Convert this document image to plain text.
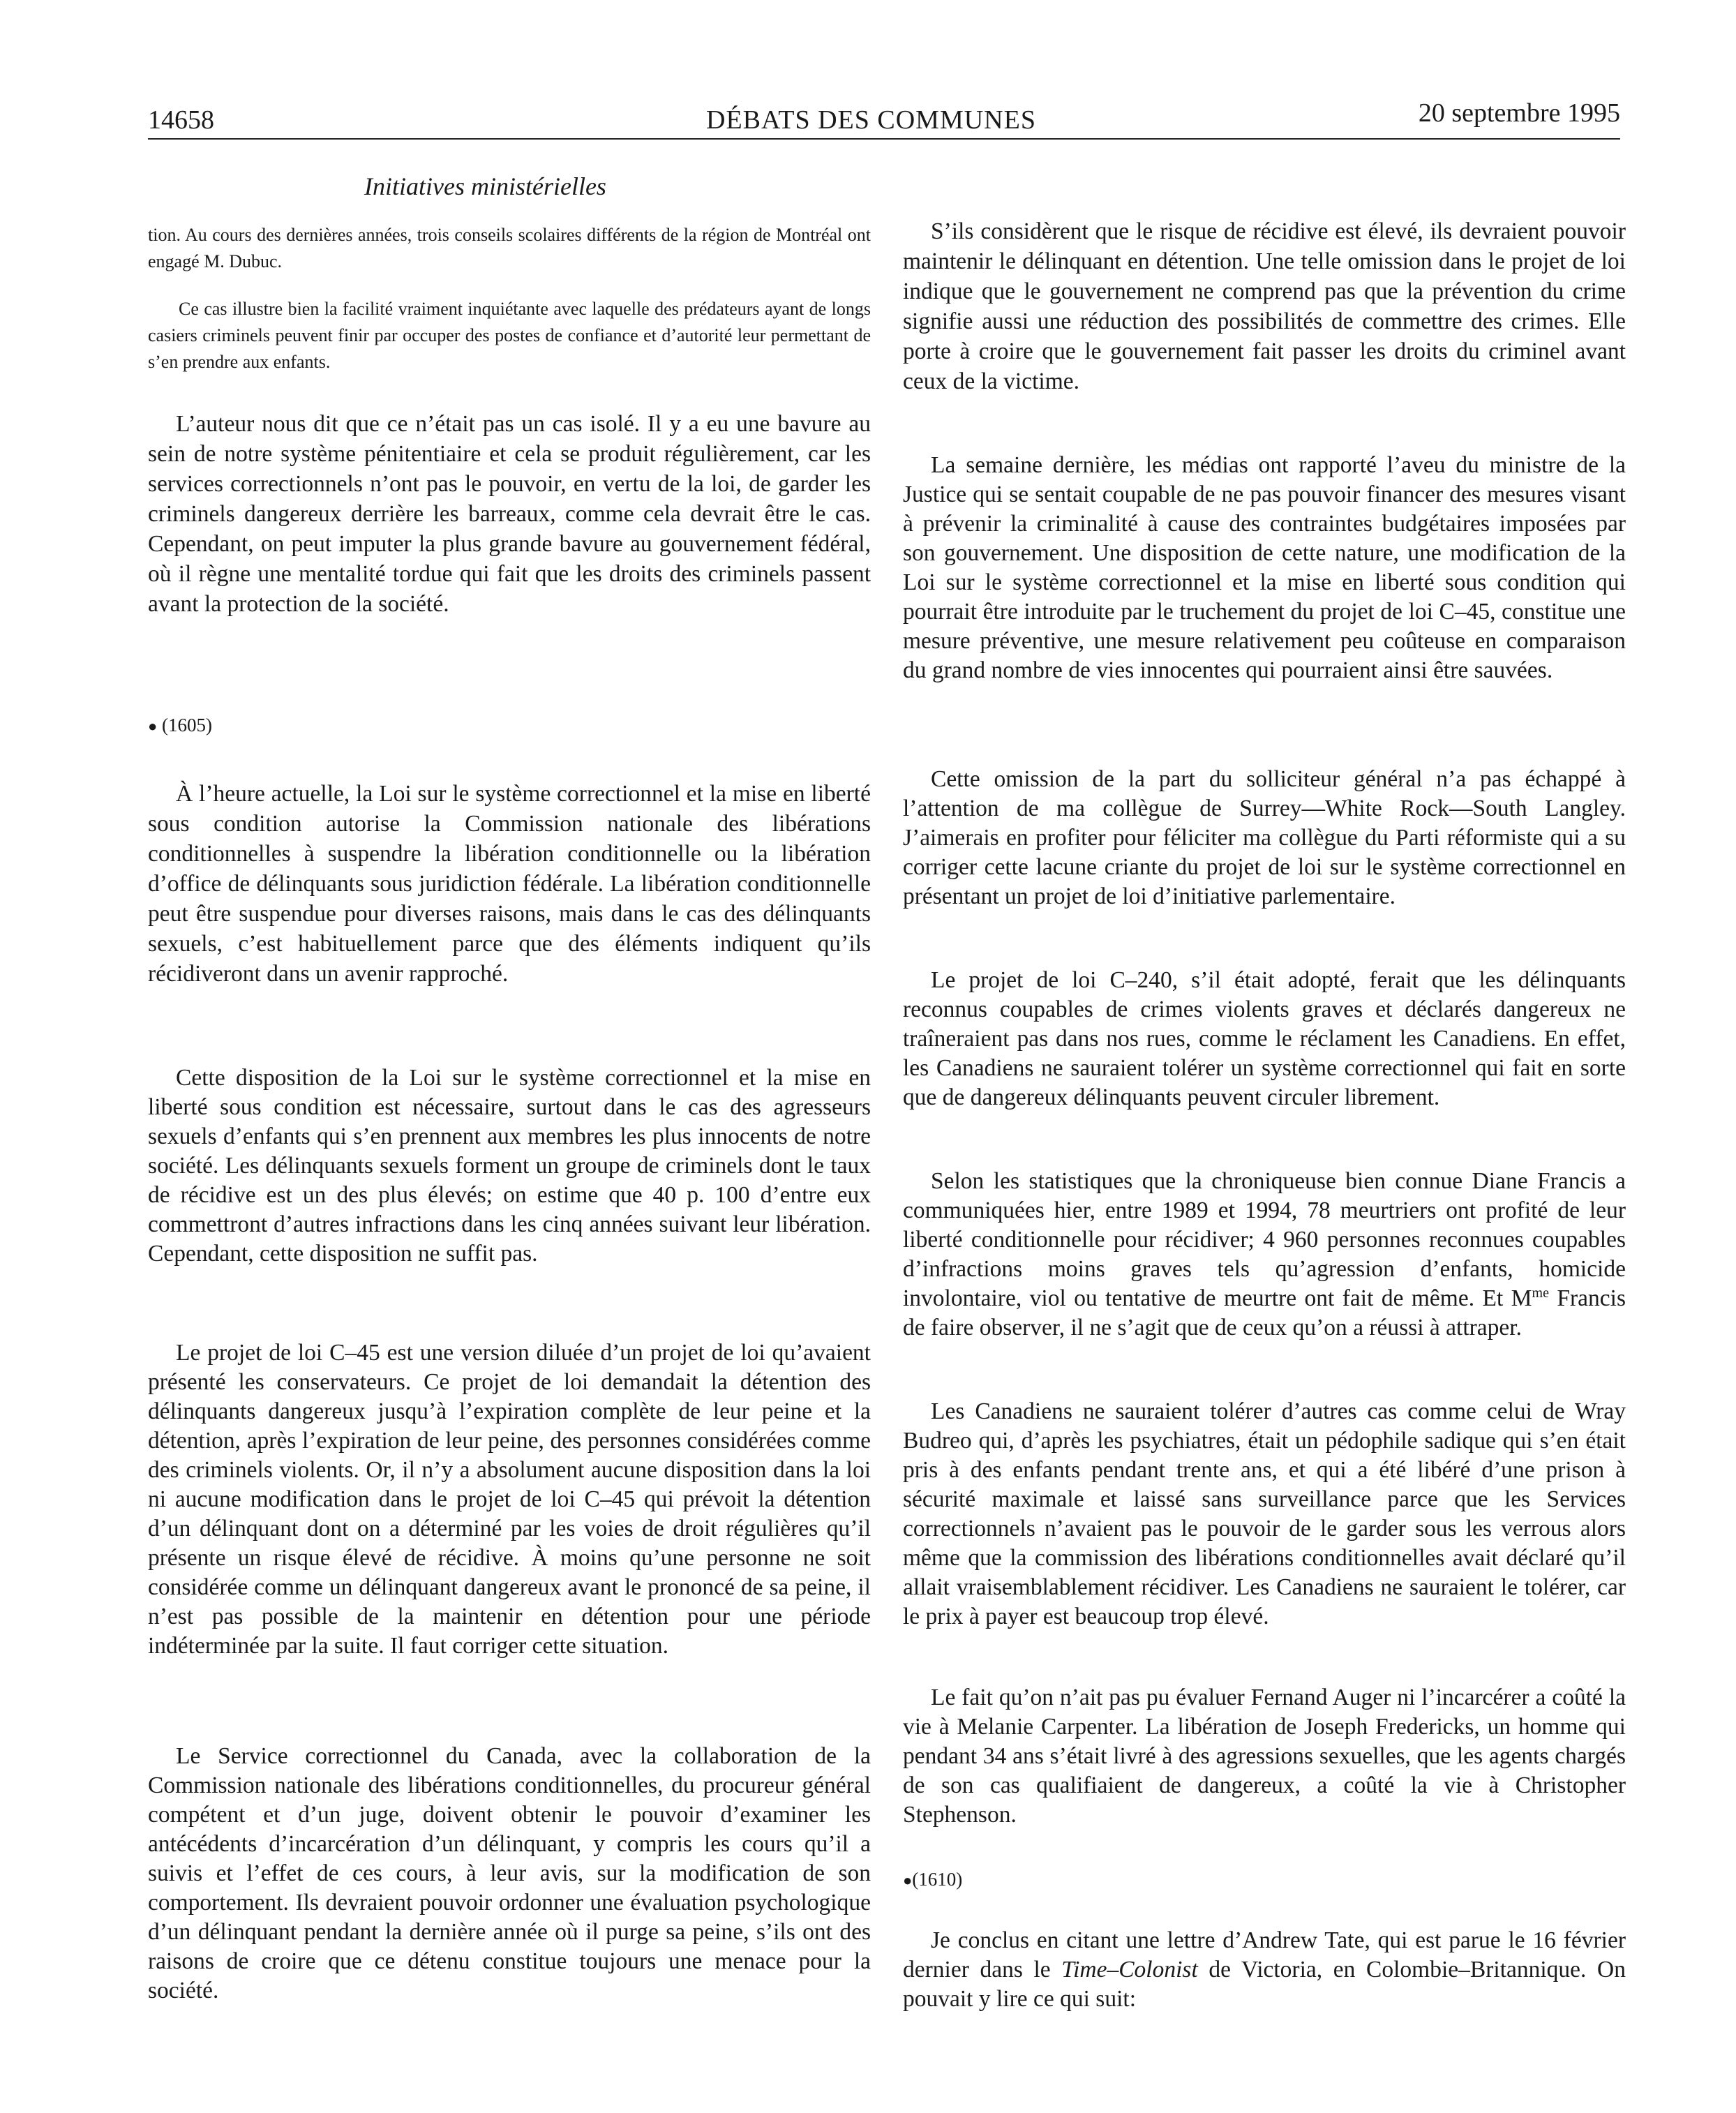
14658	DÉBATS DES COMMUNES	20 septembre 1995
Initiatives ministérielles

tion. Au cours des dernières années, trois conseils scolaires différents de la région de Montréal ont engagé M. Dubuc.

Ce cas illustre bien la facilité vraiment inquiétante avec laquelle des prédateurs ayant de longs casiers criminels peuvent finir par occuper des postes de confiance et d’autorité leur permettant de s’en prendre aux enfants.

L’auteur nous dit que ce n’était pas un cas isolé. Il y a eu une bavure au sein de notre système pénitentiaire et cela se produit régulièrement, car les services correctionnels n’ont pas le pouvoir, en vertu de la loi, de garder les criminels dangereux derrière les barreaux, comme cela devrait être le cas. Cependant, on peut imputer la plus grande bavure au gouvernement fédéral, où il règne une mentalité tordue qui fait que les droits des criminels passent avant la protection de la société.

● (1605)

À l’heure actuelle, la Loi sur le système correctionnel et la mise en liberté sous condition autorise la Commission nationale des libérations conditionnelles à suspendre la libération conditionnelle ou la libération d’office de délinquants sous juridiction fédérale. La libération conditionnelle peut être suspendue pour diverses raisons, mais dans le cas des délinquants sexuels, c’est habituellement parce que des éléments indiquent qu’ils récidiveront dans un avenir rapproché.

Cette disposition de la Loi sur le système correctionnel et la mise en liberté sous condition est nécessaire, surtout dans le cas des agresseurs sexuels d’enfants qui s’en prennent aux membres les plus innocents de notre société. Les délinquants sexuels forment un groupe de criminels dont le taux de récidive est un des plus élevés; on estime que 40 p. 100 d’entre eux commettront d’autres infractions dans les cinq années suivant leur libération. Cependant, cette disposition ne suffit pas.

Le projet de loi C–45 est une version diluée d’un projet de loi qu’avaient présenté les conservateurs. Ce projet de loi demandait la détention des délinquants dangereux jusqu’à l’expiration complète de leur peine et la détention, après l’expiration de leur peine, des personnes considérées comme des criminels violents. Or, il n’y a absolument aucune disposition dans la loi ni aucune modification dans le projet de loi C–45 qui prévoit la détention d’un délinquant dont on a déterminé par les voies de droit régulières qu’il présente un risque élevé de récidive. À moins qu’une personne ne soit considérée comme un délinquant dangereux avant le prononcé de sa peine, il n’est pas possible de la maintenir en détention pour une période indéterminée par la suite. Il faut corriger cette situation.

Le Service correctionnel du Canada, avec la collaboration de la Commission nationale des libérations conditionnelles, du procureur général compétent et d’un juge, doivent obtenir le pouvoir d’examiner les antécédents d’incarcération d’un délinquant, y compris les cours qu’il a suivis et l’effet de ces cours, à leur avis, sur la modification de son comportement. Ils devraient pouvoir ordonner une évaluation psychologique d’un délinquant pendant la dernière année où il purge sa peine, s’ils ont des raisons de croire que ce détenu constitue toujours une menace pour la société.

S’ils considèrent que le risque de récidive est élevé, ils devraient pouvoir maintenir le délinquant en détention. Une telle omission dans le projet de loi indique que le gouvernement ne comprend pas que la prévention du crime signifie aussi une réduction des possibilités de commettre des crimes. Elle porte à croire que le gouvernement fait passer les droits du criminel avant ceux de la victime.

La semaine dernière, les médias ont rapporté l’aveu du ministre de la Justice qui se sentait coupable de ne pas pouvoir financer des mesures visant à prévenir la criminalité à cause des contraintes budgétaires imposées par son gouvernement. Une disposition de cette nature, une modification de la Loi sur le système correctionnel et la mise en liberté sous condition qui pourrait être introduite par le truchement du projet de loi C–45, constitue une mesure préventive, une mesure relativement peu coûteuse en comparaison du grand nombre de vies innocentes qui pourraient ainsi être sauvées.

Cette omission de la part du solliciteur général n’a pas échappé à l’attention de ma collègue de Surrey—White Rock—South Langley. J’aimerais en profiter pour féliciter ma collègue du Parti réformiste qui a su corriger cette lacune criante du projet de loi sur le système correctionnel en présentant un projet de loi d’initiative parlementaire.

Le projet de loi C–240, s’il était adopté, ferait que les délinquants reconnus coupables de crimes violents graves et déclarés dangereux ne traîneraient pas dans nos rues, comme le réclament les Canadiens. En effet, les Canadiens ne sauraient tolérer un système correctionnel qui fait en sorte que de dangereux délinquants peuvent circuler librement.

Selon les statistiques que la chroniqueuse bien connue Diane Francis a communiquées hier, entre 1989 et 1994, 78 meurtriers ont profité de leur liberté conditionnelle pour récidiver; 4 960 personnes reconnues coupables d’infractions moins graves tels qu’agression d’enfants, homicide involontaire, viol ou tentative de meurtre ont fait de même. Et $M^{me}$ Francis de faire observer, il ne s’agit que de ceux qu’on a réussi à attraper.

Les Canadiens ne sauraient tolérer d’autres cas comme celui de Wray Budreo qui, d’après les psychiatres, était un pédophile sadique qui s’en était pris à des enfants pendant trente ans, et qui a été libéré d’une prison à sécurité maximale et laissé sans surveillance parce que les Services correctionnels n’avaient pas le pouvoir de le garder sous les verrous alors même que la commission des libérations conditionnelles avait déclaré qu’il allait vraisemblablement récidiver. Les Canadiens ne sauraient le tolérer, car le prix à payer est beaucoup trop élevé.

Le fait qu’on n’ait pas pu évaluer Fernand Auger ni l’incarcérer a coûté la vie à Melanie Carpenter. La libération de Joseph Fredericks, un homme qui pendant 34 ans s’était livré à des agressions sexuelles, que les agents chargés de son cas qualifiaient de dangereux, a coûté la vie à Christopher Stephenson.

●(1610)

Je conclus en citant une lettre d’Andrew Tate, qui est parue le 16 février dernier dans le Time–Colonist de Victoria, en Colombie–Britannique. On pouvait y lire ce qui suit:
